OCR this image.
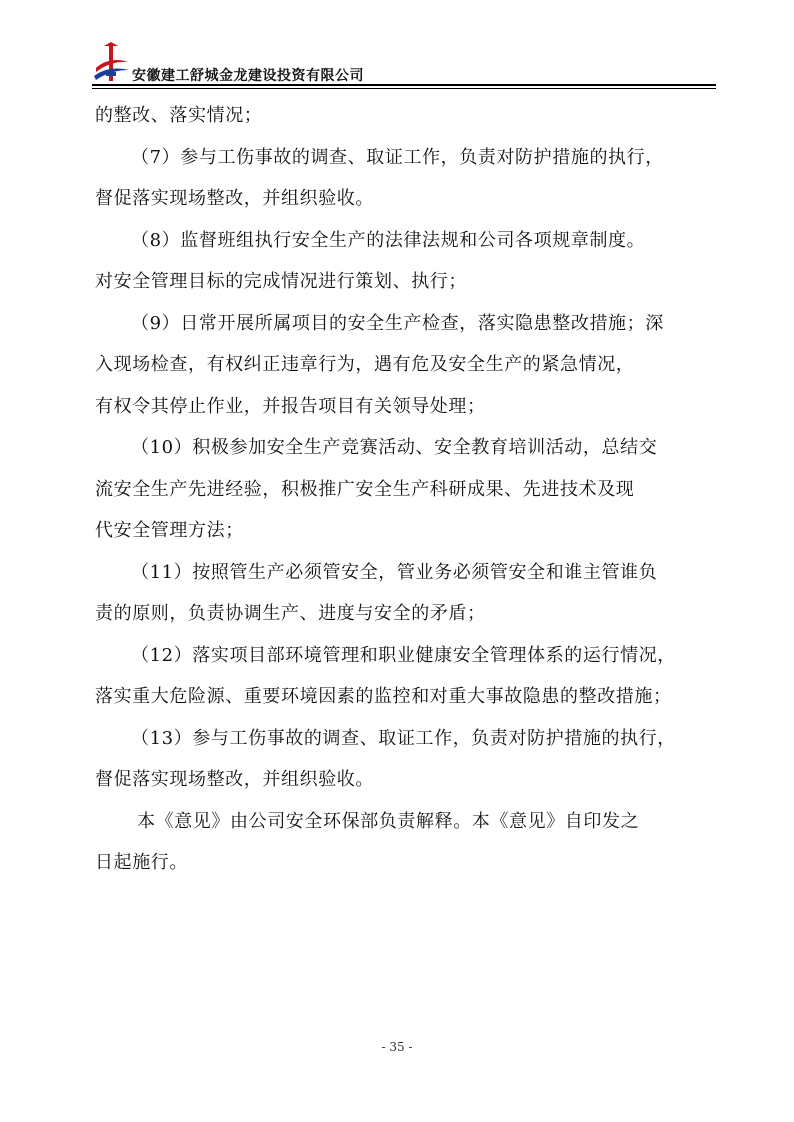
安徽建工舒城金龙建设投资有限公司

的整改、落实情况；

（7）参与工伤事故的调查、取证工作，负责对防护措施的执行，

督促落实现场整改，并组织验收。

（8）监督班组执行安全生产的法律法规和公司各项规章制度。

对安全管理目标的完成情况进行策划、执行；

（9）日常开展所属项目的安全生产检查，落实隐患整改措施；深

入现场检查，有权纠正违章行为，遇有危及安全生产的紧急情况，

有权令其停止作业，并报告项目有关领导处理；

（10）积极参加安全生产竞赛活动、安全教育培训活动，总结交

流安全生产先进经验，积极推广安全生产科研成果、先进技术及现

代安全管理方法；

（11）按照管生产必须管安全，管业务必须管安全和谁主管谁负

责的原则，负责协调生产、进度与安全的矛盾；

（12）落实项目部环境管理和职业健康安全管理体系的运行情况，

落实重大危险源、重要环境因素的监控和对重大事故隐患的整改措施；

（13）参与工伤事故的调查、取证工作，负责对防护措施的执行，

督促落实现场整改，并组织验收。

本《意见》由公司安全环保部负责解释。本《意见》自印发之

日起施行。

- 35 -
